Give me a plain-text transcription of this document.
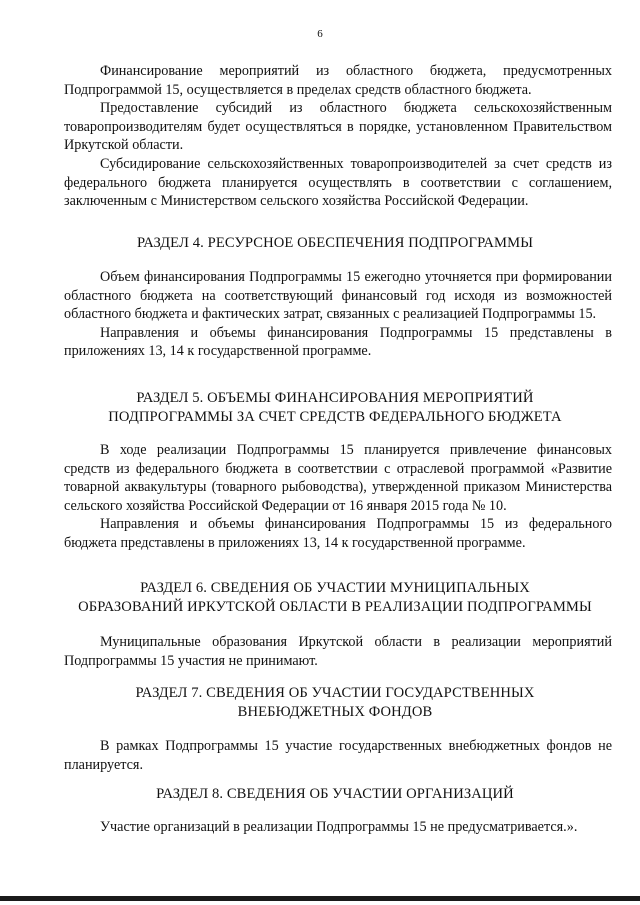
6

Финансирование мероприятий из областного бюджета, предусмотренных Подпрограммой 15, осуществляется в пределах средств областного бюджета.

Предоставление субсидий из областного бюджета сельскохозяйственным товаропроизводителям будет осуществляться в порядке, установленном Правительством Иркутской области.

Субсидирование сельскохозяйственных товаропроизводителей за счет средств из федерального бюджета планируется осуществлять в соответствии с соглашением, заключенным с Министерством сельского хозяйства Российской Федерации.

РАЗДЕЛ 4. РЕСУРСНОЕ ОБЕСПЕЧЕНИЯ ПОДПРОГРАММЫ

Объем финансирования Подпрограммы 15 ежегодно уточняется при формировании областного бюджета на соответствующий финансовый год исходя из возможностей областного бюджета и фактических затрат, связанных с реализацией Подпрограммы 15.

Направления и объемы финансирования Подпрограммы 15 представлены в приложениях 13, 14 к государственной программе.

РАЗДЕЛ 5. ОБЪЕМЫ ФИНАНСИРОВАНИЯ МЕРОПРИЯТИЙ
ПОДПРОГРАММЫ ЗА СЧЕТ СРЕДСТВ ФЕДЕРАЛЬНОГО БЮДЖЕТА

В ходе реализации Подпрограммы 15 планируется привлечение финансовых средств из федерального бюджета в соответствии с отраслевой программой «Развитие товарной аквакультуры (товарного рыбоводства), утвержденной приказом Министерства сельского хозяйства Российской Федерации от 16 января 2015 года № 10.

Направления и объемы финансирования Подпрограммы 15 из федерального бюджета представлены в приложениях 13, 14 к государственной программе.

РАЗДЕЛ 6. СВЕДЕНИЯ ОБ УЧАСТИИ МУНИЦИПАЛЬНЫХ
ОБРАЗОВАНИЙ ИРКУТСКОЙ ОБЛАСТИ В РЕАЛИЗАЦИИ ПОДПРОГРАММЫ

Муниципальные образования Иркутской области в реализации мероприятий Подпрограммы 15 участия не принимают.

РАЗДЕЛ 7. СВЕДЕНИЯ ОБ УЧАСТИИ ГОСУДАРСТВЕННЫХ
ВНЕБЮДЖЕТНЫХ ФОНДОВ

В рамках Подпрограммы 15 участие государственных внебюджетных фондов не планируется.

РАЗДЕЛ 8. СВЕДЕНИЯ ОБ УЧАСТИИ ОРГАНИЗАЦИЙ

Участие организаций в реализации Подпрограммы 15 не предусматривается.».
